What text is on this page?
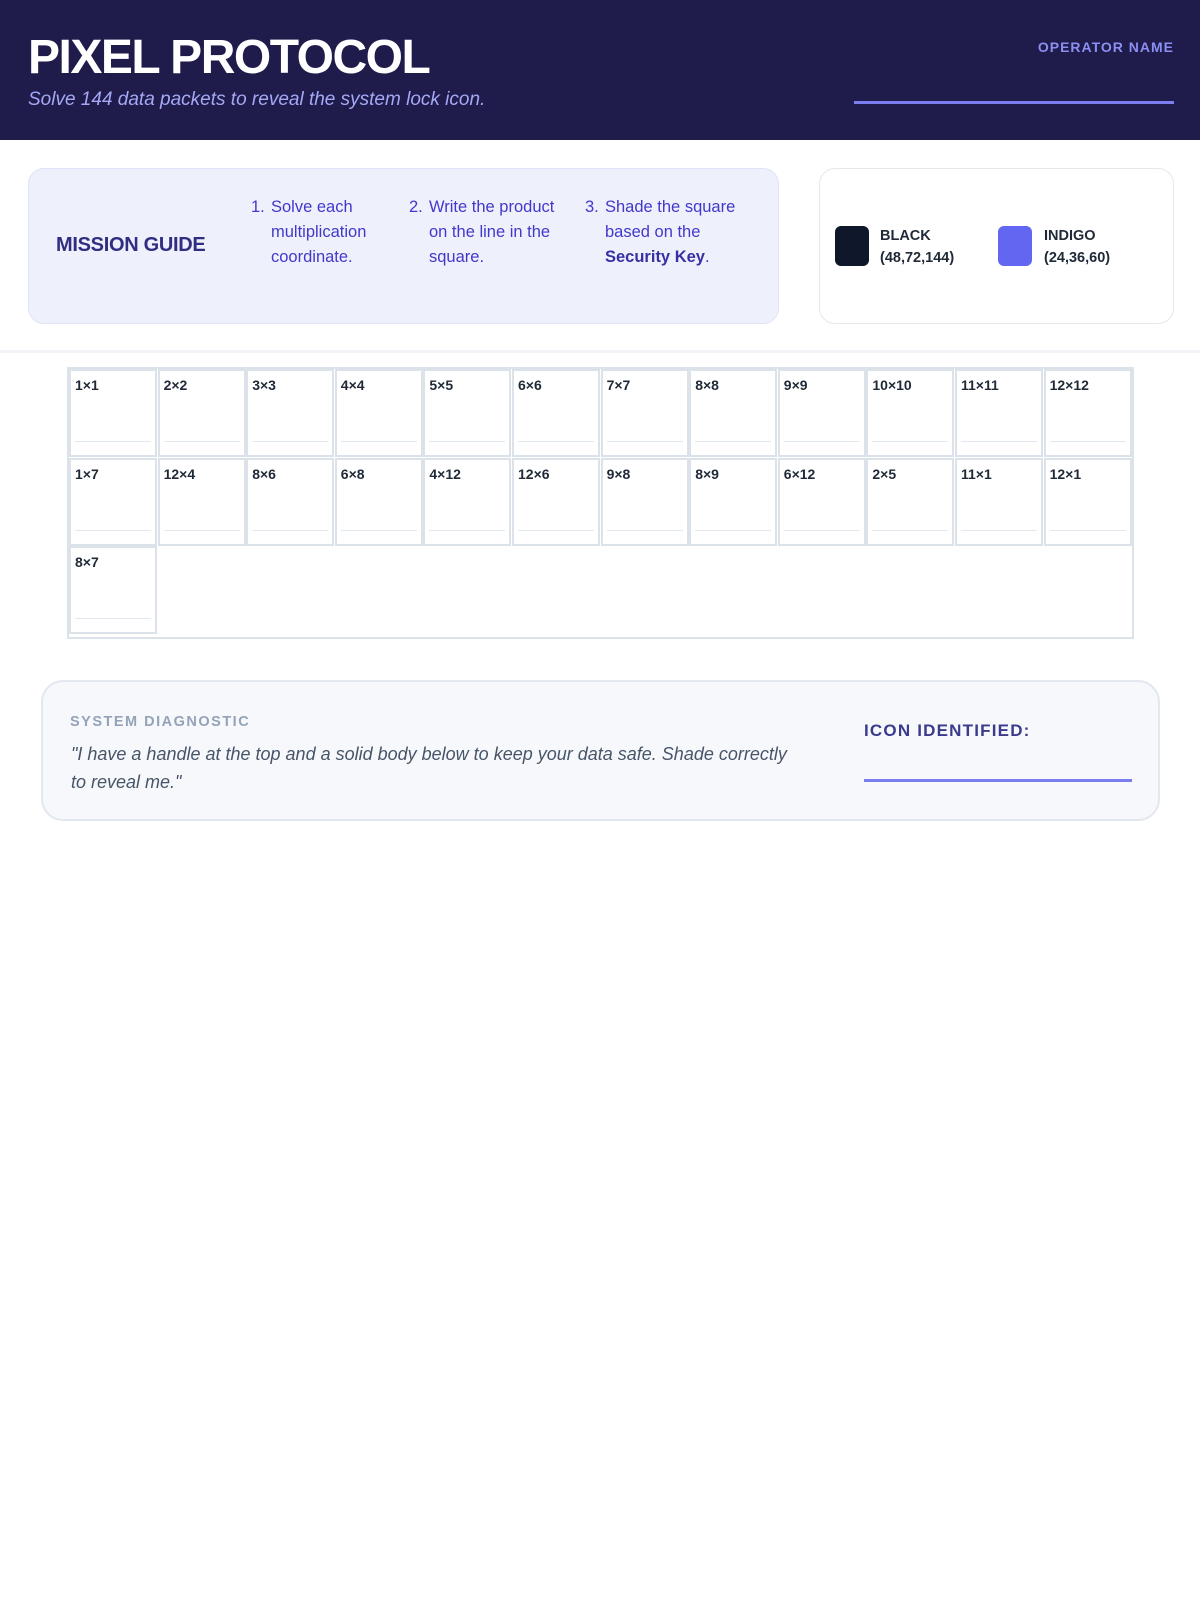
PIXEL PROTOCOL
Solve 144 data packets to reveal the system lock icon.
OPERATOR NAME
MISSION GUIDE
1. Solve each multiplication coordinate.
2. Write the product on the line in the square.
3. Shade the square based on the Security Key.
BLACK
(48,72,144)
INDIGO
(24,36,60)
1×1	2×2	3×3	4×4	5×5	6×6	7×7	8×8	9×9	10×10	11×11	12×12
1×7	12×4	8×6	6×8	4×12	12×6	9×8	8×9	6×12	2×5	11×1	12×1
8×7
SYSTEM DIAGNOSTIC
"I have a handle at the top and a solid body below to keep your data safe. Shade correctly to reveal me."
ICON IDENTIFIED:
